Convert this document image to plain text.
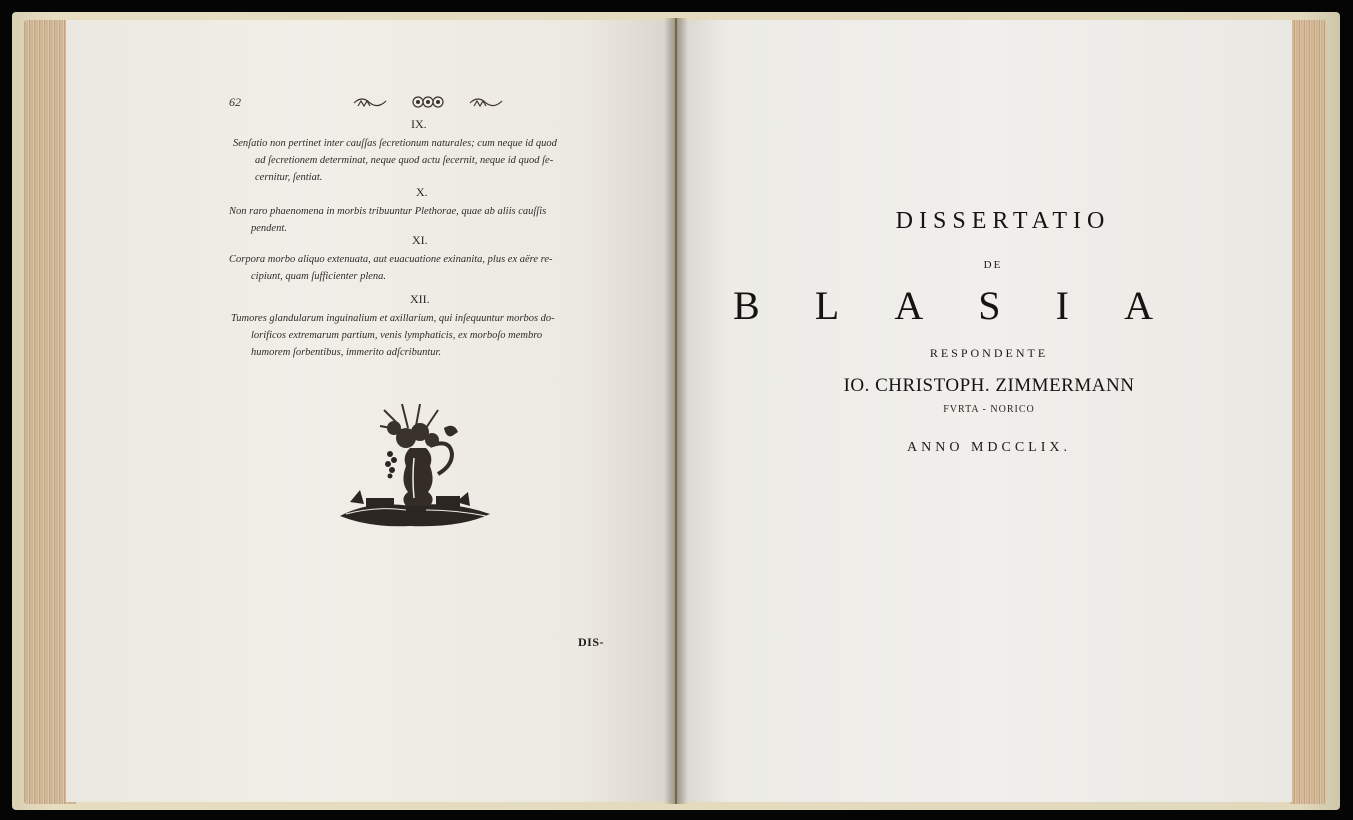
62
IX.
Senſatio non pertinet inter cauſſas ſecretionum naturales; cum neque id quod
ad ſecretionem determinat, neque quod actu ſecernit, neque id quod ſe-
cernitur, ſentiat.
X.
Non raro phaenomena in morbis tribuuntur Plethorae, quae ab aliis cauſſis
pendent.
XI.
Corpora morbo aliquo extenuata, aut euacuatione exinanita, plus ex aëre re-
cipiunt, quam ſufficienter plena.
XII.
Tumores glandularum inguinalium et axillarium, qui inſequuntur morbos do-
lorificos extremarum partium, venis lymphaticis, ex morboſo membro
humorem ſorbentibus, immerito adſcribuntur.
DIS-
DISSERTATIO
DE
B L A S I A
RESPONDENTE
IO. CHRISTOPH. ZIMMERMANN
FVRTA - NORICO
ANNO MDCCLIX.
